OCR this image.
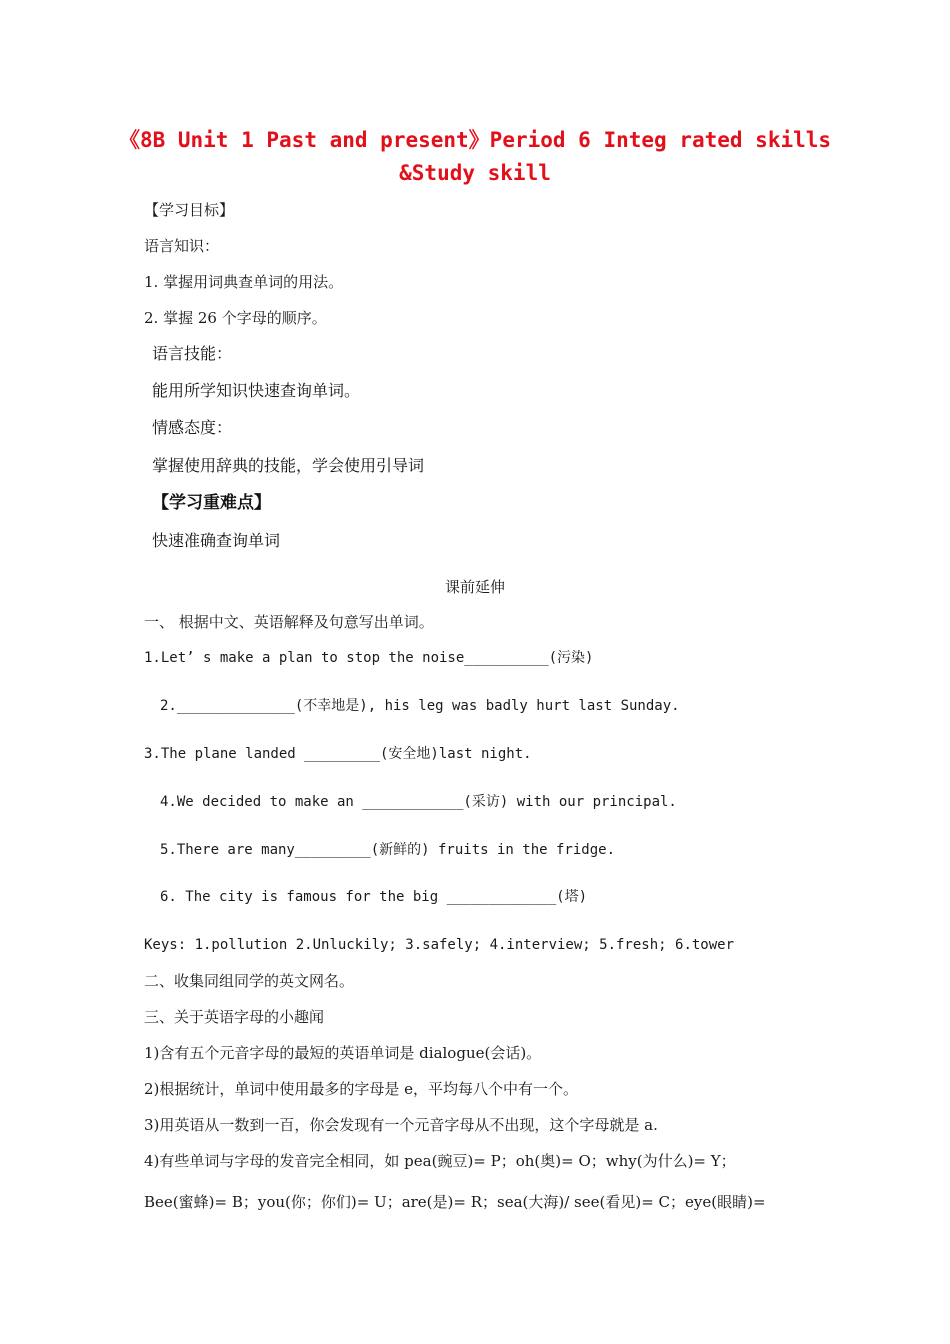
《8B Unit 1 Past and present》Period 6 Integ rated skills
&Study skill
【学习目标】
语言知识：
1. 掌握用词典查单词的用法。
2. 掌握 26 个字母的顺序。
语言技能：
能用所学知识快速查询单词。
情感态度：
掌握使用辞典的技能，学会使用引导词
【学习重难点】
快速准确查询单词
课前延伸
一、 根据中文、英语解释及句意写出单词。
1.Let’ s make a plan to stop the noise__________(污染)
2.______________(不幸地是), his leg was badly hurt last Sunday.
3.The plane landed _________(安全地)last night.
4.We decided to make an ____________(采访) with our principal.
5.There are many_________(新鲜的) fruits in the fridge.
6. The city is famous for the big _____________(塔)
Keys: 1.pollution 2.Unluckily; 3.safely; 4.interview; 5.fresh; 6.tower
二、收集同组同学的英文网名。
三、关于英语字母的小趣闻
1)含有五个元音字母的最短的英语单词是 dialogue(会话)。
2)根据统计，单词中使用最多的字母是 e，平均每八个中有一个。
3)用英语从一数到一百，你会发现有一个元音字母从不出现，这个字母就是 a.
4)有些单词与字母的发音完全相同，如 pea(豌豆)= P；oh(奥)= O；why(为什么)= Y；
Bee(蜜蜂)= B；you(你；你们)= U；are(是)= R；sea(大海)/ see(看见)= C；eye(眼睛)=
